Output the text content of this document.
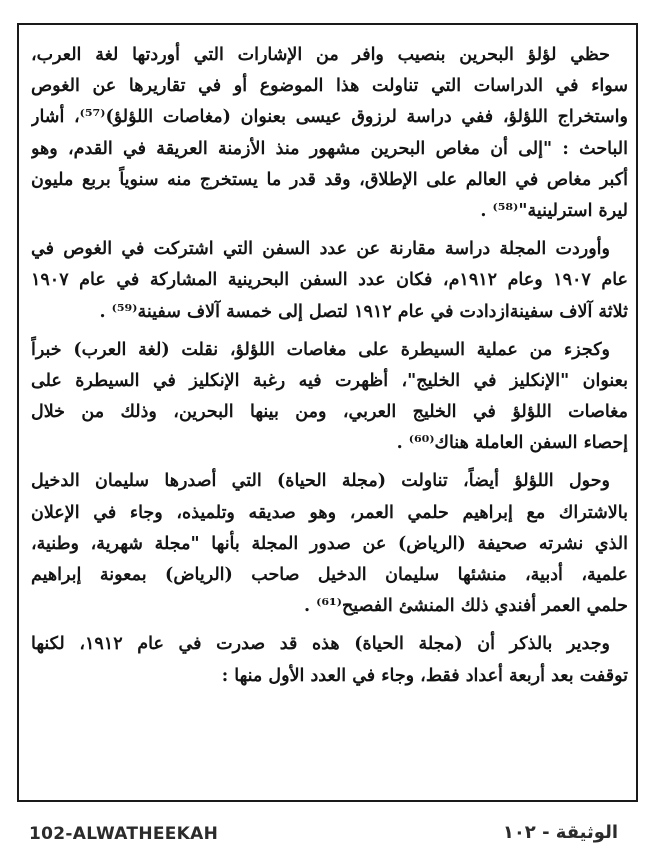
حظي لؤلؤ البحرين بنصيب وافر من الإشارات التي أوردتها لغة العرب،
سواء في الدراسات التي تناولت هذا الموضوع أو في تقاريرها عن الغوص
واستخراج اللؤلؤ، ففي دراسة لرزوق عيسى بعنوان (مغاصات اللؤلؤ)⁽⁵⁷⁾، أشار
الباحث : "إلى أن مغاص البحرين مشهور منذ الأزمنة العريقة في القدم، وهو
أكبر مغاص في العالم على الإطلاق، وقد قدر ما يستخرج منه سنوياً بربع مليون
ليرة استرلينية"⁽⁵⁸⁾ .
وأوردت المجلة دراسة مقارنة عن عدد السفن التي اشتركت في الغوص في
عام ١٩٠٧ وعام ١٩١٢م، فكان عدد السفن البحرينية المشاركة في عام ١٩٠٧
ثلاثة آلاف سفينةازدادت في عام ١٩١٢ لتصل إلى خمسة آلاف سفينة⁽⁵⁹⁾ .
وكجزء من عملية السيطرة على مغاصات اللؤلؤ، نقلت (لغة العرب) خبراً
بعنوان "الإنكليز في الخليج"، أظهرت فيه رغبة الإنكليز في السيطرة على
مغاصات اللؤلؤ في الخليج العربي، ومن بينها البحرين، وذلك من خلال
إحصاء السفن العاملة هناك⁽⁶⁰⁾ .
وحول اللؤلؤ أيضاً، تناولت (مجلة الحياة) التي أصدرها سليمان الدخيل
بالاشتراك مع إبراهيم حلمي العمر، وهو صديقه وتلميذه، وجاء في الإعلان
الذي نشرته صحيفة (الرياض) عن صدور المجلة بأنها "مجلة شهرية، وطنية،
علمية، أدبية، منشئها سليمان الدخيل صاحب (الرياض) بمعونة إبراهيم
حلمي العمر أفندي ذلك المنشئ الفصيح⁽⁶¹⁾ .
وجدير بالذكر أن (مجلة الحياة) هذه قد صدرت في عام ١٩١٢، لكنها
توقفت بعد أربعة أعداد فقط، وجاء في العدد الأول منها :
102-ALWATHEEKAH	الوثيقة - ١٠٢
